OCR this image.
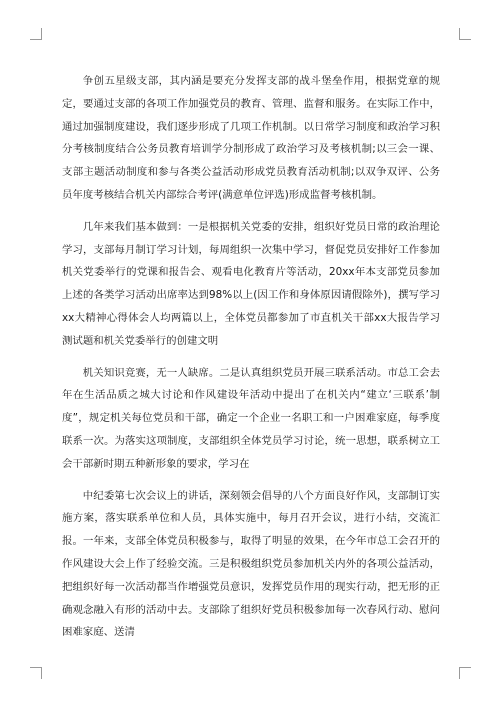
争创五星级支部，其内涵是要充分发挥支部的战斗堡垒作用，根据党章的规定，要通过支部的各项工作加强党员的教育、管理、监督和服务。在实际工作中，通过加强制度建设，我们逐步形成了几项工作机制。以日常学习制度和政治学习积分考核制度结合公务员教育培训学分制形成了政治学习及考核机制;以三会一课、支部主题活动制度和参与各类公益活动形成党员教育活动机制;以双争双评、公务员年度考核结合机关内部综合考评(满意单位评选)形成监督考核机制。

几年来我们基本做到：一是根据机关党委的安排，组织好党员日常的政治理论学习，支部每月制订学习计划，每周组织一次集中学习，督促党员安排好工作参加机关党委举行的党课和报告会、观看电化教育片等活动，20xx年本支部党员参加上述的各类学习活动出席率达到98%以上(因工作和身体原因请假除外)，撰写学习xx大精神心得体会人均两篇以上，全体党员都参加了市直机关干部xx大报告学习测试题和机关党委举行的创建文明

机关知识竞赛，无一人缺席。二是认真组织党员开展三联系活动。市总工会去年在生活品质之城大讨论和作风建设年活动中提出了在机关内“建立‘三联系’制度”，规定机关每位党员和干部，确定一个企业一名职工和一户困难家庭，每季度联系一次。为落实这项制度，支部组织全体党员学习讨论，统一思想，联系树立工会干部新时期五种新形象的要求，学习在

中纪委第七次会议上的讲话，深刻领会倡导的八个方面良好作风，支部制订实施方案，落实联系单位和人员，具体实施中，每月召开会议，进行小结，交流汇报。一年来，支部全体党员积极参与，取得了明显的效果，在今年市总工会召开的作风建设大会上作了经验交流。三是积极组织党员参加机关内外的各项公益活动，把组织好每一次活动都当作增强党员意识，发挥党员作用的现实行动，把无形的正确观念融入有形的活动中去。支部除了组织好党员积极参加每一次春风行动、慰问困难家庭、送清
